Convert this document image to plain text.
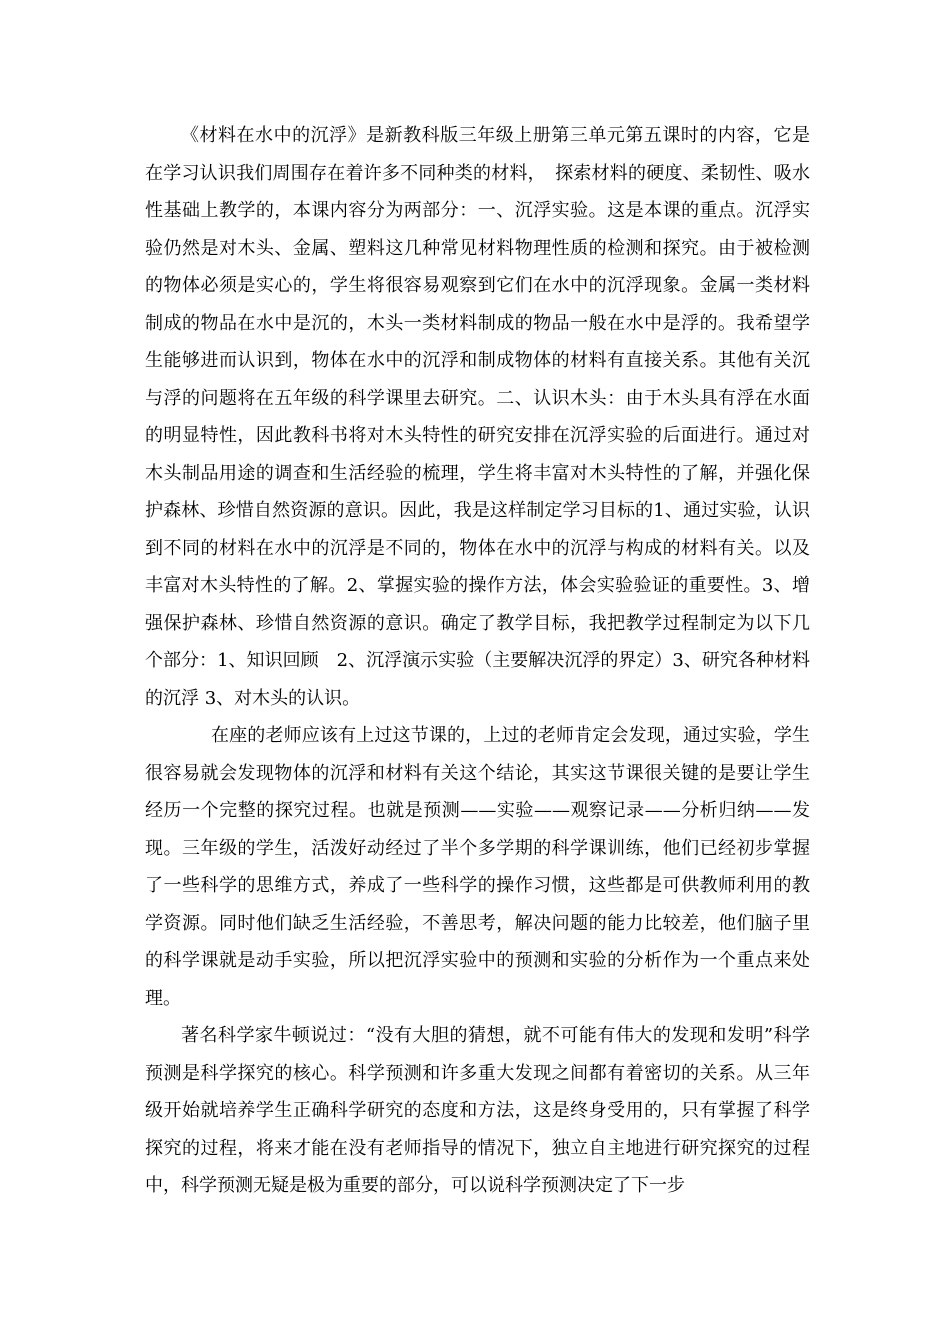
《材料在水中的沉浮》是新教科版三年级上册第三单元第五课时的内容，它是在学习认识我们周围存在着许多不同种类的材料，　探索材料的硬度、柔韧性、吸水性基础上教学的，本课内容分为两部分：一、沉浮实验。这是本课的重点。沉浮实验仍然是对木头、金属、塑料这几种常见材料物理性质的检测和探究。由于被检测的物体必须是实心的，学生将很容易观察到它们在水中的沉浮现象。金属一类材料制成的物品在水中是沉的，木头一类材料制成的物品一般在水中是浮的。我希望学生能够进而认识到，物体在水中的沉浮和制成物体的材料有直接关系。其他有关沉与浮的问题将在五年级的科学课里去研究。二、认识木头：由于木头具有浮在水面的明显特性，因此教科书将对木头特性的研究安排在沉浮实验的后面进行。通过对木头制品用途的调查和生活经验的梳理，学生将丰富对木头特性的了解，并强化保护森林、珍惜自然资源的意识。因此，我是这样制定学习目标的1、通过实验，认识到不同的材料在水中的沉浮是不同的，物体在水中的沉浮与构成的材料有关。以及丰富对木头特性的了解。2、掌握实验的操作方法，体会实验验证的重要性。3、增强保护森林、珍惜自然资源的意识。确定了教学目标，我把教学过程制定为以下几个部分：1、知识回顾　2、沉浮演示实验（主要解决沉浮的界定）3、研究各种材料的沉浮 3、对木头的认识。

在座的老师应该有上过这节课的，上过的老师肯定会发现，通过实验，学生很容易就会发现物体的沉浮和材料有关这个结论，其实这节课很关键的是要让学生经历一个完整的探究过程。也就是预测——实验——观察记录——分析归纳——发现。三年级的学生，活泼好动经过了半个多学期的科学课训练，他们已经初步掌握了一些科学的思维方式，养成了一些科学的操作习惯，这些都是可供教师利用的教学资源。同时他们缺乏生活经验，不善思考，解决问题的能力比较差，他们脑子里的科学课就是动手实验，所以把沉浮实验中的预测和实验的分析作为一个重点来处理。

著名科学家牛顿说过：“没有大胆的猜想，就不可能有伟大的发现和发明”科学预测是科学探究的核心。科学预测和许多重大发现之间都有着密切的关系。从三年级开始就培养学生正确科学研究的态度和方法，这是终身受用的，只有掌握了科学探究的过程，将来才能在没有老师指导的情况下，独立自主地进行研究探究的过程中，科学预测无疑是极为重要的部分，可以说科学预测决定了下一步
